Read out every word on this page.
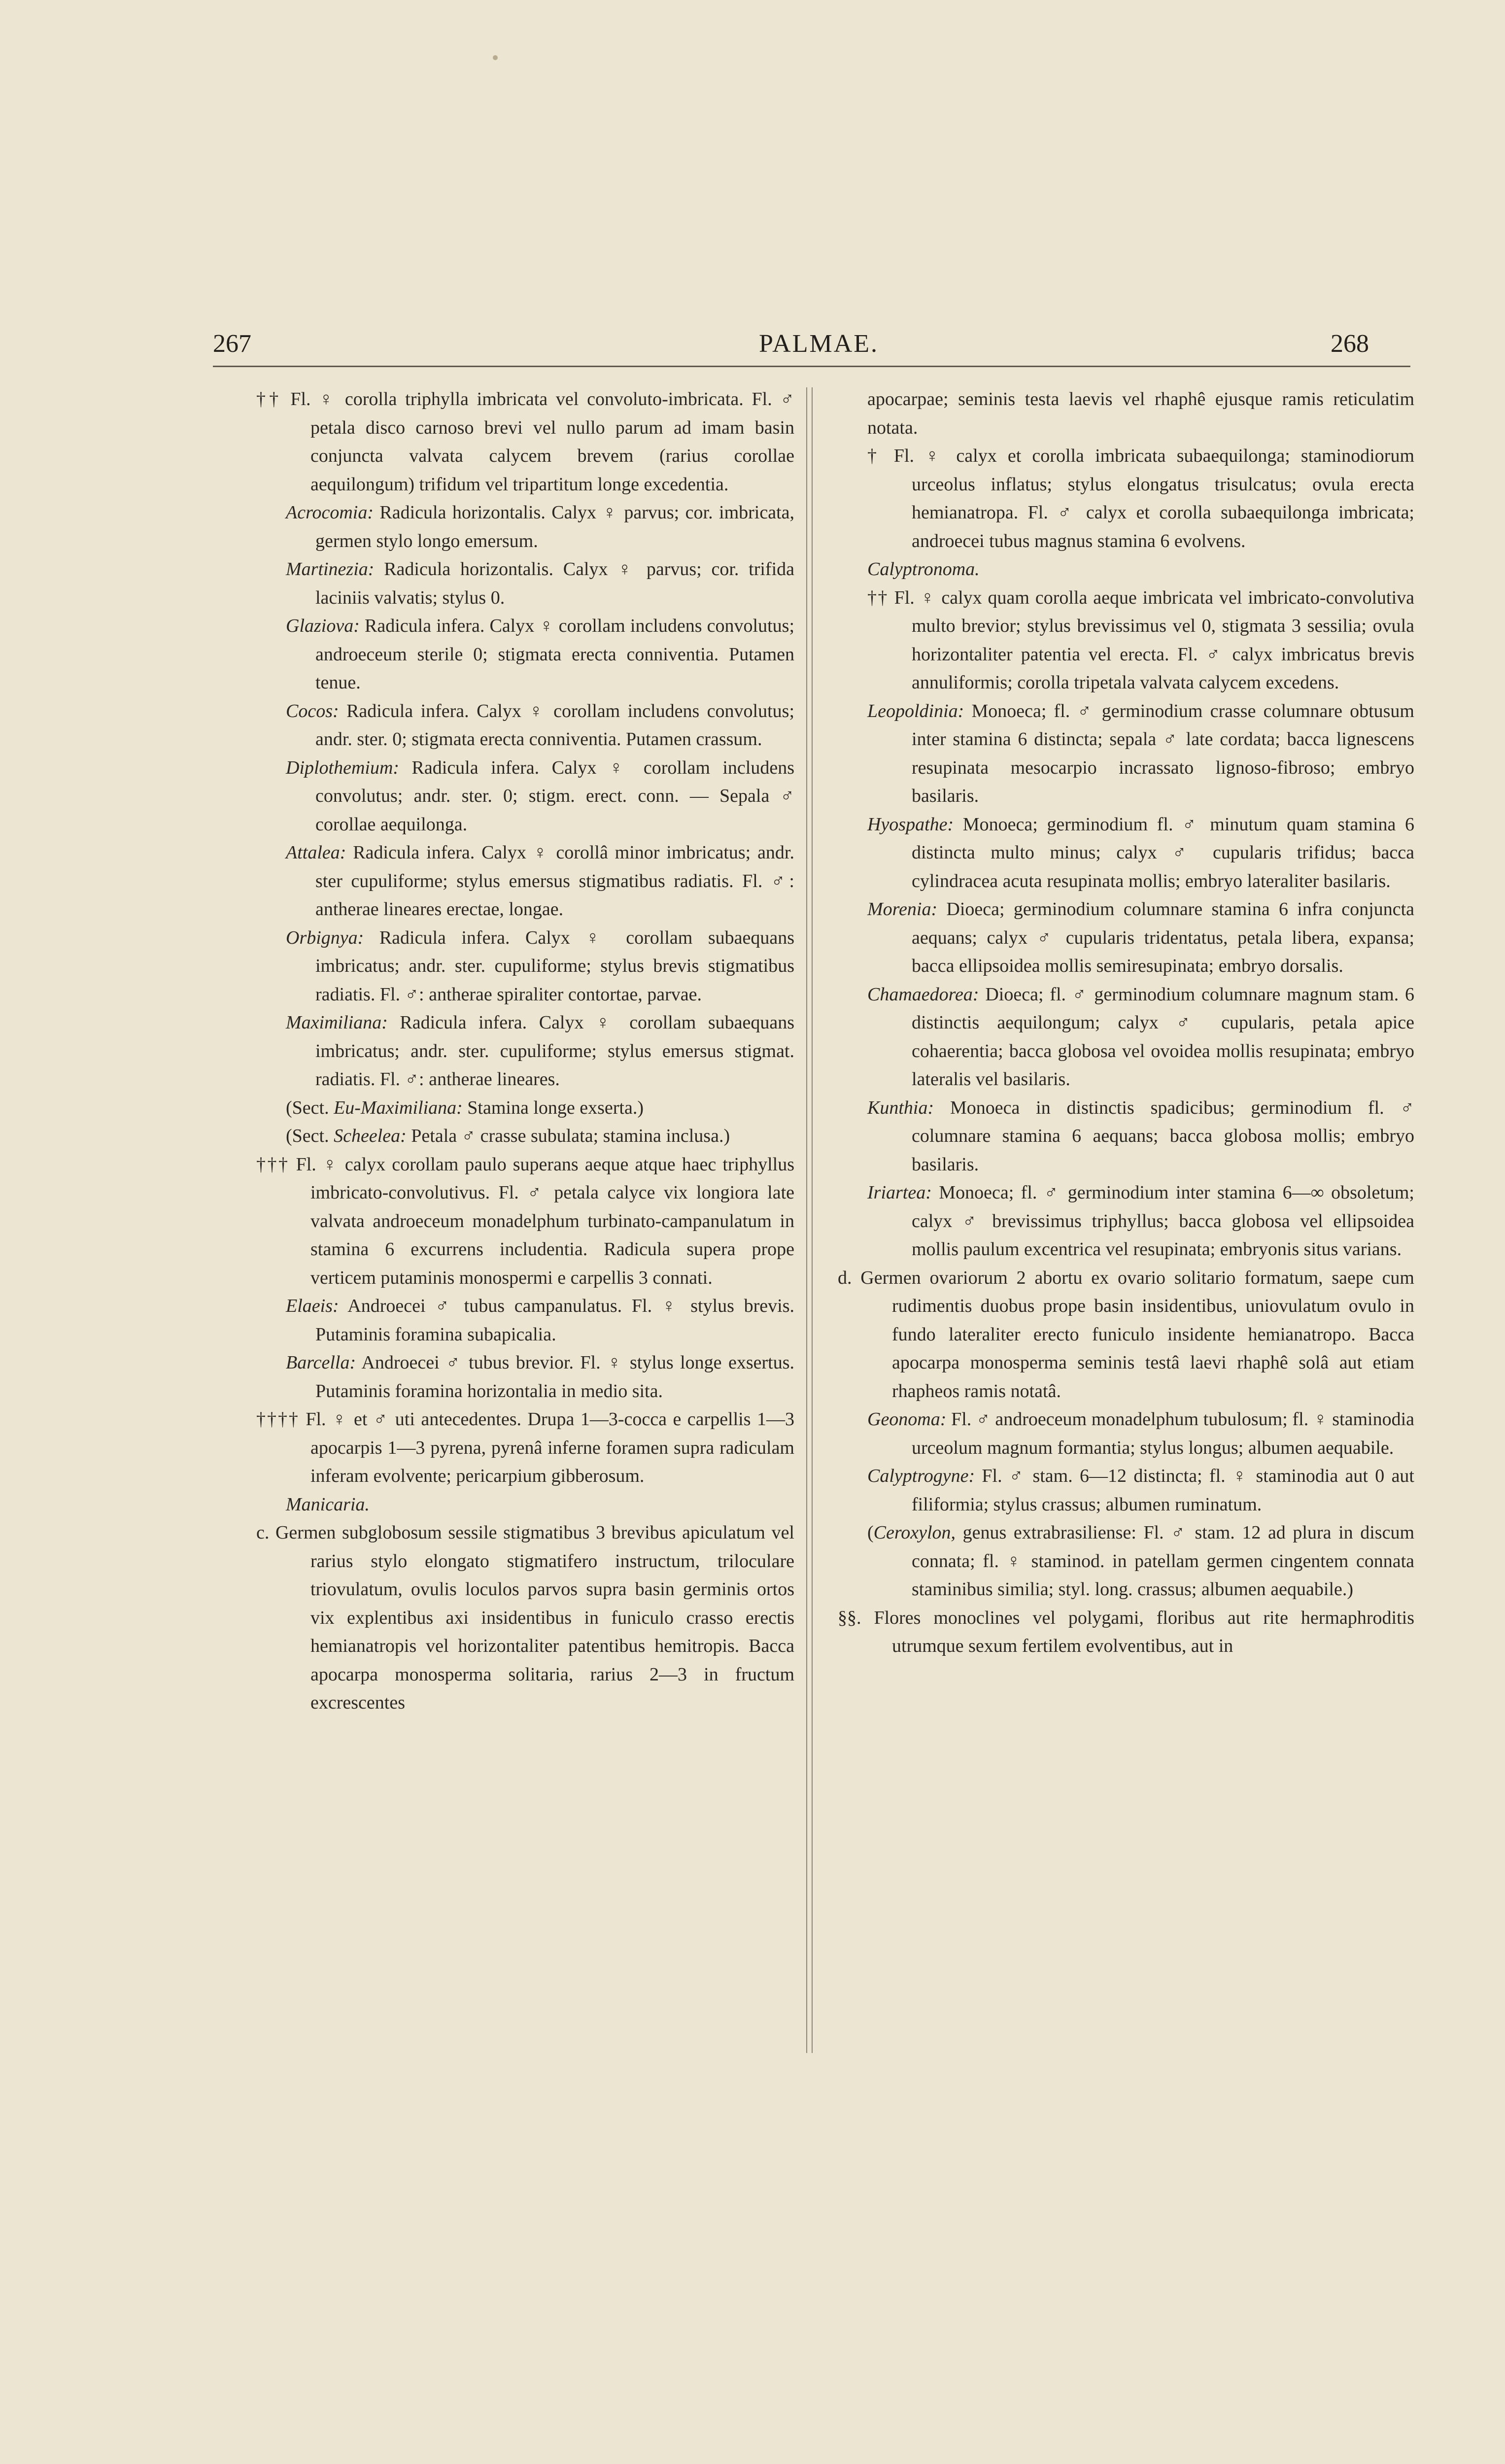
267	PALMAE.	268

†† Fl. ♀ corolla triphylla imbricata vel convoluto-imbricata. Fl. ♂ petala disco carnoso brevi vel nullo parum ad imam basin conjuncta valvata calycem brevem (rarius corollae aequilongum) trifidum vel tripartitum longe excedentia.

Acrocomia: Radicula horizontalis. Calyx ♀ parvus; cor. imbricata, germen stylo longo emersum.

Martinezia: Radicula horizontalis. Calyx ♀ parvus; cor. trifida laciniis valvatis; stylus 0.

Glaziova: Radicula infera. Calyx ♀ corollam includens convolutus; androeceum sterile 0; stigmata erecta conniventia. Putamen tenue.

Cocos: Radicula infera. Calyx ♀ corollam includens convolutus; andr. ster. 0; stigmata erecta conniventia. Putamen crassum.

Diplothemium: Radicula infera. Calyx ♀ corollam includens convolutus; andr. ster. 0; stigm. erect. conn. — Sepala ♂ corollae aequilonga.

Attalea: Radicula infera. Calyx ♀ corollâ minor imbricatus; andr. ster cupuliforme; stylus emersus stigmatibus radiatis. Fl. ♂: antherae lineares erectae, longae.

Orbignya: Radicula infera. Calyx ♀ corollam subaequans imbricatus; andr. ster. cupuliforme; stylus brevis stigmatibus radiatis. Fl. ♂: antherae spiraliter contortae, parvae.

Maximiliana: Radicula infera. Calyx ♀ corollam subaequans imbricatus; andr. ster. cupuliforme; stylus emersus stigmat. radiatis. Fl. ♂: antherae lineares.

(Sect. Eu-Maximiliana: Stamina longe exserta.)

(Sect. Scheelea: Petala ♂ crasse subulata; stamina inclusa.)

††† Fl. ♀ calyx corollam paulo superans aeque atque haec triphyllus imbricato-convolutivus. Fl. ♂ petala calyce vix longiora late valvata androeceum monadelphum turbinato-campanulatum in stamina 6 excurrens includentia. Radicula supera prope verticem putaminis monospermi e carpellis 3 connati.

Elaeis: Androecei ♂ tubus campanulatus. Fl. ♀ stylus brevis. Putaminis foramina subapicalia.

Barcella: Androecei ♂ tubus brevior. Fl. ♀ stylus longe exsertus. Putaminis foramina horizontalia in medio sita.

†††† Fl. ♀ et ♂ uti antecedentes. Drupa 1—3-cocca e carpellis 1—3 apocarpis 1—3 pyrena, pyrenâ inferne foramen supra radiculam inferam evolvente; pericarpium gibberosum.

Manicaria.

c. Germen subglobosum sessile stigmatibus 3 brevibus apiculatum vel rarius stylo elongato stigmatifero instructum, triloculare triovulatum, ovulis loculos parvos supra basin germinis ortos vix explentibus axi insidentibus in funiculo crasso erectis hemianatropis vel horizontaliter patentibus hemitropis. Bacca apocarpa monosperma solitaria, rarius 2—3 in fructum excrescentes

apocarpae; seminis testa laevis vel rhaphê ejusque ramis reticulatim notata.

† Fl. ♀ calyx et corolla imbricata subaequilonga; staminodiorum urceolus inflatus; stylus elongatus trisulcatus; ovula erecta hemianatropa. Fl. ♂ calyx et corolla subaequilonga imbricata; androecei tubus magnus stamina 6 evolvens.

Calyptronoma.

†† Fl. ♀ calyx quam corolla aeque imbricata vel imbricato-convolutiva multo brevior; stylus brevissimus vel 0, stigmata 3 sessilia; ovula horizontaliter patentia vel erecta. Fl. ♂ calyx imbricatus brevis annuliformis; corolla tripetala valvata calycem excedens.

Leopoldinia: Monoeca; fl. ♂ germinodium crasse columnare obtusum inter stamina 6 distincta; sepala ♂ late cordata; bacca lignescens resupinata mesocarpio incrassato lignoso-fibroso; embryo basilaris.

Hyospathe: Monoeca; germinodium fl. ♂ minutum quam stamina 6 distincta multo minus; calyx ♂ cupularis trifidus; bacca cylindracea acuta resupinata mollis; embryo lateraliter basilaris.

Morenia: Dioeca; germinodium columnare stamina 6 infra conjuncta aequans; calyx ♂ cupularis tridentatus, petala libera, expansa; bacca ellipsoidea mollis semiresupinata; embryo dorsalis.

Chamaedorea: Dioeca; fl. ♂ germinodium columnare magnum stam. 6 distinctis aequilongum; calyx ♂ cupularis, petala apice cohaerentia; bacca globosa vel ovoidea mollis resupinata; embryo lateralis vel basilaris.

Kunthia: Monoeca in distinctis spadicibus; germinodium fl. ♂ columnare stamina 6 aequans; bacca globosa mollis; embryo basilaris.

Iriartea: Monoeca; fl. ♂ germinodium inter stamina 6—∞ obsoletum; calyx ♂ brevissimus triphyllus; bacca globosa vel ellipsoidea mollis paulum excentrica vel resupinata; embryonis situs varians.

d. Germen ovariorum 2 abortu ex ovario solitario formatum, saepe cum rudimentis duobus prope basin insidentibus, uniovulatum ovulo in fundo lateraliter erecto funiculo insidente hemianatropo. Bacca apocarpa monosperma seminis testâ laevi rhaphê solâ aut etiam rhapheos ramis notatâ.

Geonoma: Fl. ♂ androeceum monadelphum tubulosum; fl. ♀ staminodia urceolum magnum formantia; stylus longus; albumen aequabile.

Calyptrogyne: Fl. ♂ stam. 6—12 distincta; fl. ♀ staminodia aut 0 aut filiformia; stylus crassus; albumen ruminatum.

(Ceroxylon, genus extrabrasiliense: Fl. ♂ stam. 12 ad plura in discum connata; fl. ♀ staminod. in patellam germen cingentem connata staminibus similia; styl. long. crassus; albumen aequabile.)

§§. Flores monoclines vel polygami, floribus aut rite hermaphroditis utrumque sexum fertilem evolventibus, aut in
